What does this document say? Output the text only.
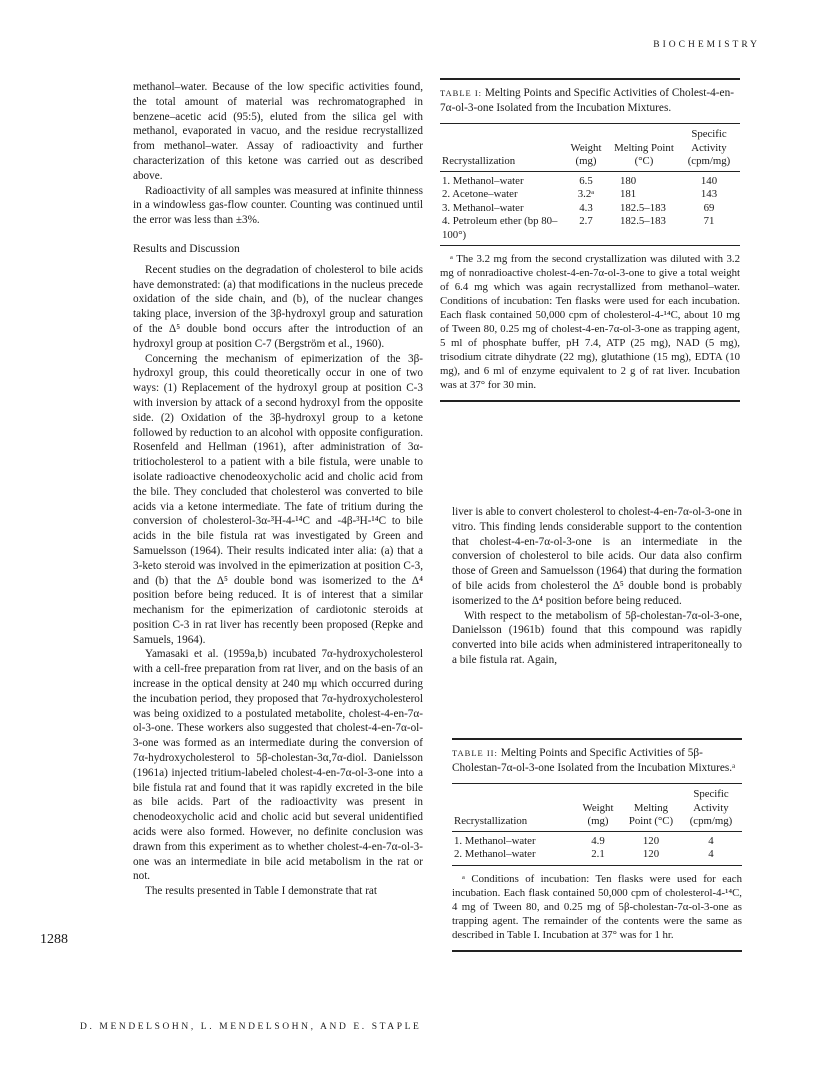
BIOCHEMISTRY

methanol–water. Because of the low specific activities found, the total amount of material was rechromatographed in benzene–acetic acid (95:5), eluted from the silica gel with methanol, evaporated in vacuo, and the residue recrystallized from methanol–water. Assay of radioactivity and further characterization of this ketone was carried out as described above.

Radioactivity of all samples was measured at infinite thinness in a windowless gas-flow counter. Counting was continued until the error was less than ±3%.

Results and Discussion

Recent studies on the degradation of cholesterol to bile acids have demonstrated: (a) that modifications in the nucleus precede oxidation of the side chain, and (b), of the nuclear changes taking place, inversion of the 3β-hydroxyl group and saturation of the Δ⁵ double bond occurs after the introduction of an hydroxyl group at position C-7 (Bergström et al., 1960).

Concerning the mechanism of epimerization of the 3β-hydroxyl group, this could theoretically occur in one of two ways: (1) Replacement of the hydroxyl group at position C-3 with inversion by attack of a second hydroxyl from the opposite side. (2) Oxidation of the 3β-hydroxyl group to a ketone followed by reduction to an alcohol with opposite configuration. Rosenfeld and Hellman (1961), after administration of 3α-tritiocholesterol to a patient with a bile fistula, were unable to isolate radioactive chenodeoxycholic acid and cholic acid from the bile. They concluded that cholesterol was converted to bile acids via a ketone intermediate. The fate of tritium during the conversion of cholesterol-3α-³H-4-¹⁴C and -4β-³H-¹⁴C to bile acids in the bile fistula rat was investigated by Green and Samuelsson (1964). Their results indicated inter alia: (a) that a 3-keto steroid was involved in the epimerization at position C-3, and (b) that the Δ⁵ double bond was isomerized to the Δ⁴ position before being reduced. It is of interest that a similar mechanism for the epimerization of cardiotonic steroids at position C-3 in rat liver has recently been proposed (Repke and Samuels, 1964).

Yamasaki et al. (1959a,b) incubated 7α-hydroxycholesterol with a cell-free preparation from rat liver, and on the basis of an increase in the optical density at 240 mμ which occurred during the incubation period, they proposed that 7α-hydroxycholesterol was being oxidized to a postulated metabolite, cholest-4-en-7α-ol-3-one. These workers also suggested that cholest-4-en-7α-ol-3-one was formed as an intermediate during the conversion of 7α-hydroxycholesterol to 5β-cholestan-3α,7α-diol. Danielsson (1961a) injected tritium-labeled cholest-4-en-7α-ol-3-one into a bile fistula rat and found that it was rapidly excreted in the bile as bile acids. Part of the radioactivity was present in chenodeoxycholic acid and cholic acid but several unidentified acids were also formed. However, no definite conclusion was drawn from this experiment as to whether cholest-4-en-7α-ol-3-one was an intermediate in bile acid metabolism in the rat or not.

The results presented in Table I demonstrate that rat

1288

TABLE I: Melting Points and Specific Activities of Cholest-4-en-7α-ol-3-one Isolated from the Incubation Mixtures.

Recrystallization	Weight (mg)	Melting Point (°C)	Specific Activity (cpm/mg)
1. Methanol–water	6.5	180	140
2. Acetone–water	3.2ᵃ	181	143
3. Methanol–water	4.3	182.5–183	69
4. Petroleum ether (bp 80–100°)	2.7	182.5–183	71

ᵃ The 3.2 mg from the second crystallization was diluted with 3.2 mg of nonradioactive cholest-4-en-7α-ol-3-one to give a total weight of 6.4 mg which was again recrystallized from methanol–water. Conditions of incubation: Ten flasks were used for each incubation. Each flask contained 50,000 cpm of cholesterol-4-¹⁴C, about 10 mg of Tween 80, 0.25 mg of cholest-4-en-7α-ol-3-one as trapping agent, 5 ml of phosphate buffer, pH 7.4, ATP (25 mg), NAD (5 mg), trisodium citrate dihydrate (22 mg), glutathione (15 mg), EDTA (10 mg), and 6 ml of enzyme equivalent to 2 g of rat liver. Incubation was at 37° for 30 min.

liver is able to convert cholesterol to cholest-4-en-7α-ol-3-one in vitro. This finding lends considerable support to the contention that cholest-4-en-7α-ol-3-one is an intermediate in the conversion of cholesterol to bile acids. Our data also confirm those of Green and Samuelsson (1964) that during the formation of bile acids from cholesterol the Δ⁵ double bond is probably isomerized to the Δ⁴ position before being reduced.

With respect to the metabolism of 5β-cholestan-7α-ol-3-one, Danielsson (1961b) found that this compound was rapidly converted into bile acids when administered intraperitoneally to a bile fistula rat. Again,

TABLE II: Melting Points and Specific Activities of 5β-Cholestan-7α-ol-3-one Isolated from the Incubation Mixtures.ᵃ

Recrystallization	Weight (mg)	Melting Point (°C)	Specific Activity (cpm/mg)
1. Methanol–water	4.9	120	4
2. Methanol–water	2.1	120	4

ᵃ Conditions of incubation: Ten flasks were used for each incubation. Each flask contained 50,000 cpm of cholesterol-4-¹⁴C, 4 mg of Tween 80, and 0.25 mg of 5β-cholestan-7α-ol-3-one as trapping agent. The remainder of the contents were the same as described in Table I. Incubation at 37° was for 1 hr.

D. MENDELSOHN, L. MENDELSOHN, AND E. STAPLE
